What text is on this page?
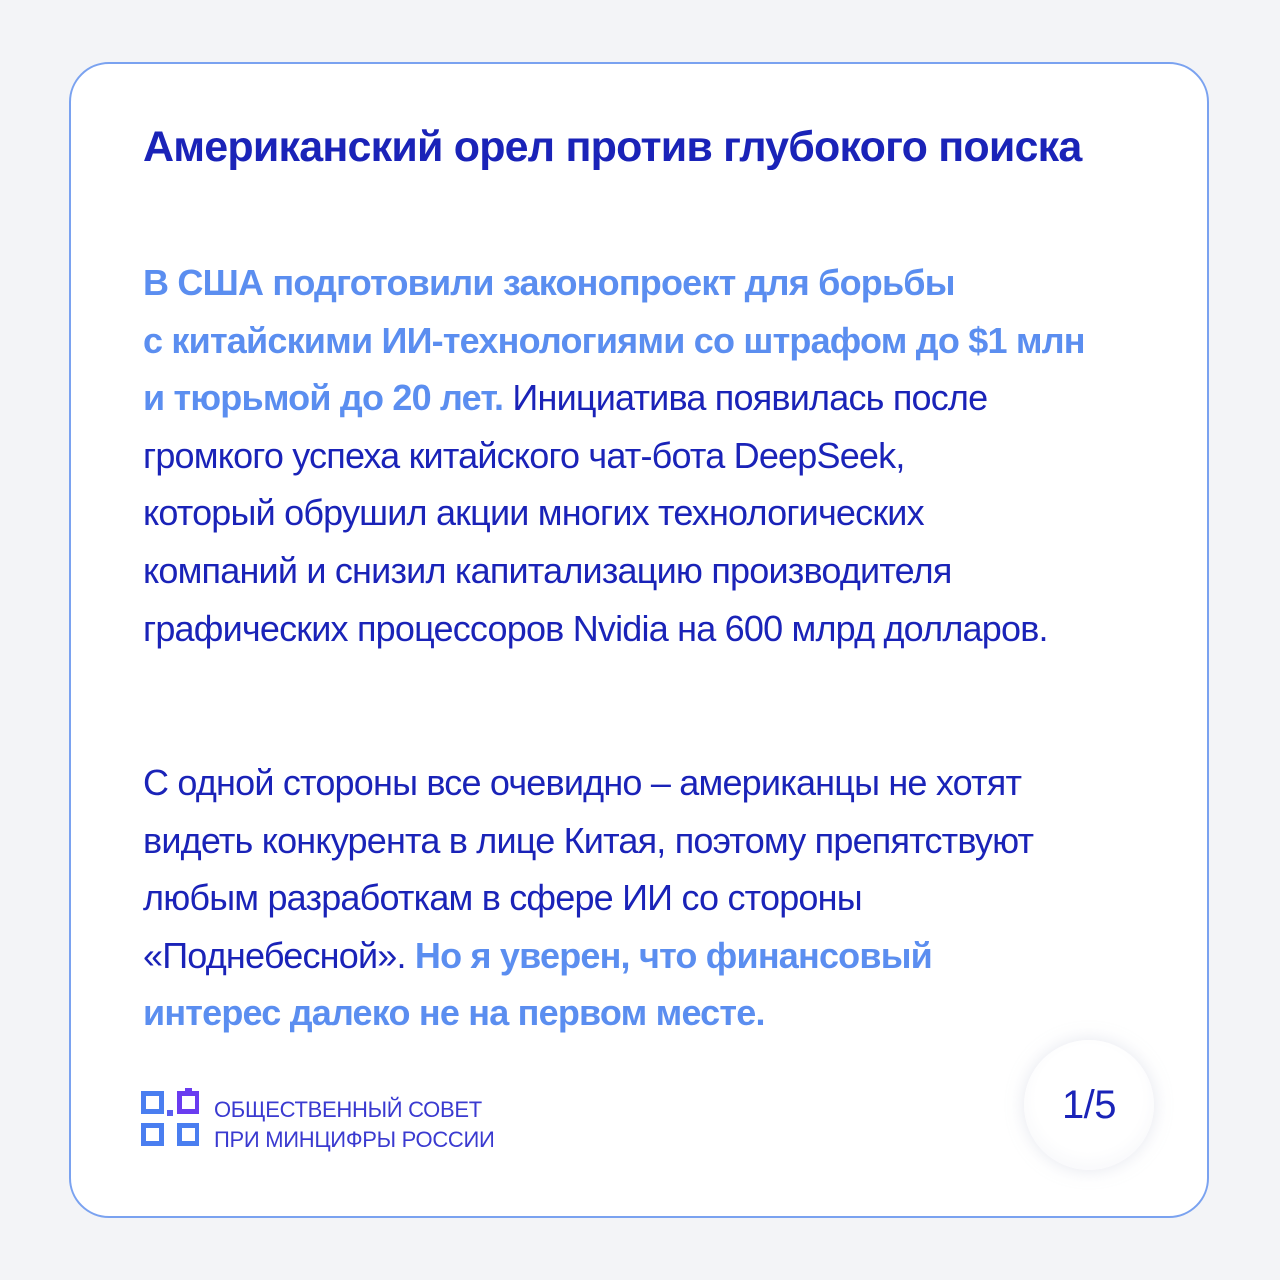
Американский орел против глубокого поиска

В США подготовили законопроект для борьбы
с китайскими ИИ-технологиями со штрафом до $1 млн
и тюрьмой до 20 лет. Инициатива появилась после
громкого успеха китайского чат-бота DeepSeek,
который обрушил акции многих технологических
компаний и снизил капитализацию производителя
графических процессоров Nvidia на 600 млрд долларов.

С одной стороны все очевидно – американцы не хотят
видеть конкурента в лице Китая, поэтому препятствуют
любым разработкам в сфере ИИ со стороны
«Поднебесной». Но я уверен, что финансовый
интерес далеко не на первом месте.

ОБЩЕСТВЕННЫЙ СОВЕТ
ПРИ МИНЦИФРЫ РОССИИ
1/5
